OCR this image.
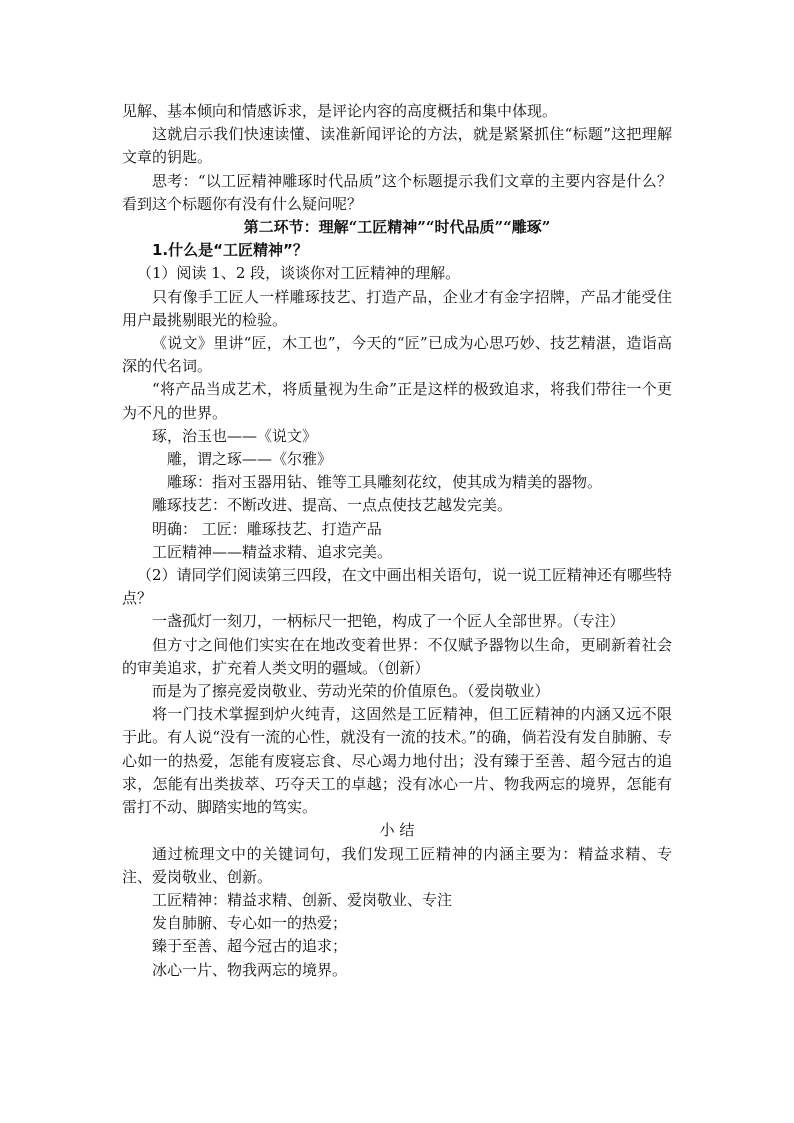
见解、基本倾向和情感诉求，是评论内容的高度概括和集中体现。

这就启示我们快速读懂、读准新闻评论的方法，就是紧紧抓住“标题”这把理解文章的钥匙。

思考：“以工匠精神雕琢时代品质”这个标题提示我们文章的主要内容是什么？看到这个标题你有没有什么疑问呢？

第二环节：理解“工匠精神”“时代品质”“雕琢”

1.什么是“工匠精神”？

（1）阅读 1、2 段，谈谈你对工匠精神的理解。

只有像手工匠人一样雕琢技艺、打造产品，企业才有金字招牌，产品才能受住用户最挑剔眼光的检验。

《说文》里讲“匠，木工也”，今天的“匠”已成为心思巧妙、技艺精湛，造诣高深的代名词。

“将产品当成艺术，将质量视为生命”正是这样的极致追求，将我们带往一个更为不凡的世界。

琢，治玉也——《说文》

雕，谓之琢——《尔雅》

雕琢：指对玉器用钻、锥等工具雕刻花纹，使其成为精美的器物。

雕琢技艺：不断改进、提高、一点点使技艺越发完美。

明确： 工匠：雕琢技艺、打造产品

工匠精神——精益求精、追求完美。

（2）请同学们阅读第三四段，在文中画出相关语句，说一说工匠精神还有哪些特点？

一盏孤灯一刻刀，一柄标尺一把铯，构成了一个匠人全部世界。（专注）

但方寸之间他们实实在在地改变着世界：不仅赋予器物以生命，更刷新着社会的审美追求，扩充着人类文明的疆域。（创新）

而是为了擦亮爱岗敬业、劳动光荣的价值原色。（爱岗敬业）

将一门技术掌握到炉火纯青，这固然是工匠精神，但工匠精神的内涵又远不限于此。有人说“没有一流的心性，就没有一流的技术。”的确，倘若没有发自肺腑、专心如一的热爱，怎能有废寝忘食、尽心竭力地付出；没有臻于至善、超今冠古的追求，怎能有出类拔萃、巧夺天工的卓越；没有冰心一片、物我两忘的境界，怎能有雷打不动、脚踏实地的笃实。

小 结

通过梳理文中的关键词句，我们发现工匠精神的内涵主要为：精益求精、专注、爱岗敬业、创新。

工匠精神：精益求精、创新、爱岗敬业、专注

发自肺腑、专心如一的热爱；

臻于至善、超今冠古的追求；

冰心一片、物我两忘的境界。
